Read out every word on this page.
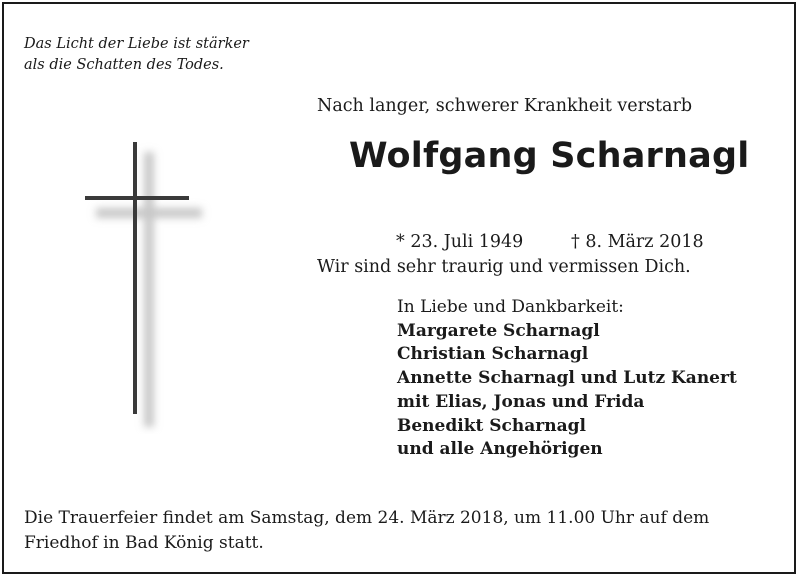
Das Licht der Liebe ist stärker
als die Schatten des Todes.
Nach langer, schwerer Krankheit verstarb
Wolfgang Scharnagl
* 23. Juli 1949	† 8. März 2018
Wir sind sehr traurig und vermissen Dich.
In Liebe und Dankbarkeit:
Margarete Scharnagl
Christian Scharnagl
Annette Scharnagl und Lutz Kanert
mit Elias, Jonas und Frida
Benedikt Scharnagl
und alle Angehörigen
Die Trauerfeier findet am Samstag, dem 24. März 2018, um 11.00 Uhr auf dem
Friedhof in Bad König statt.
